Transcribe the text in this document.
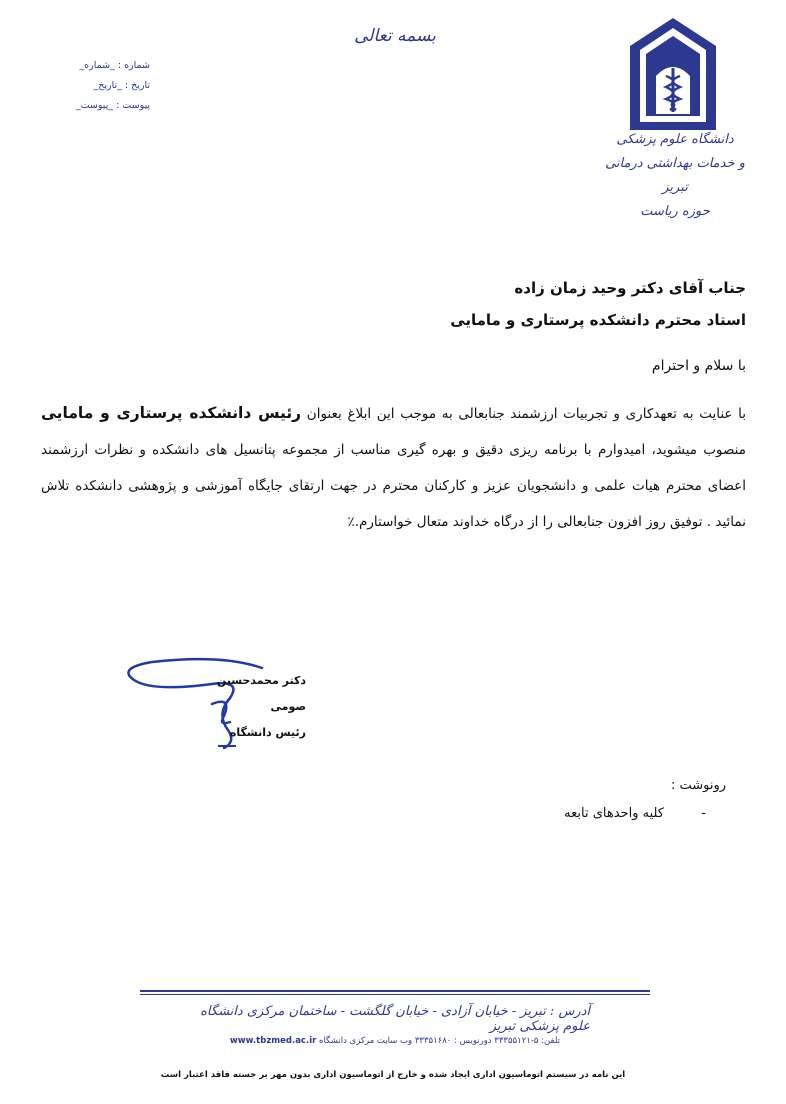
بسمه تعالی
شماره : _شماره_
تاریخ : _تاریخ_
پیوست : _پیوست_
دانشگاه علوم پزشکی
و خدمات بهداشتی درمانی تبریز
حوزه ریاست
جناب آقای دکتر وحید زمان زاده
استاد محترم دانشکده پرستاری و مامایی
با سلام و احترام
با عنایت به تعهدکاری و تجربیات ارزشمند جنابعالی به موجب این ابلاغ بعنوان رئیس دانشکده پرستاری و مامایی منصوب میشوید، امیدوارم با برنامه ریزی دقیق و بهره گیری مناسب از مجموعه پتانسیل های دانشکده و نظرات ارزشمند اعضای محترم هیات علمی و دانشجویان عزیز و کارکنان محترم در جهت ارتقای جایگاه آموزشی و پژوهشی دانشکده تلاش نمائید . توفیق روز افزون جنابعالی را از درگاه خداوند متعال خواستارم.٪
دکتر محمدحسین صومی
رئیس دانشگاه
رونوشت :
-
کلیه واحدهای تابعه
آدرس : تبریز - خیابان آزادی - خیابان گلگشت - ساختمان مرکزی دانشگاه علوم پزشکی تبریز
www.tbzmed.ac.ir تلفن: ۵-۳۳۳۵۵۱۲۱ دورنویس : ۳۳۳۵۱۶۸۰ وب سایت مرکزی دانشگاه
این نامه در سیستم اتوماسیون اداری ایجاد شده و خارج از اتوماسیون اداری بدون مهر بر جسته فاقد اعتبار است
